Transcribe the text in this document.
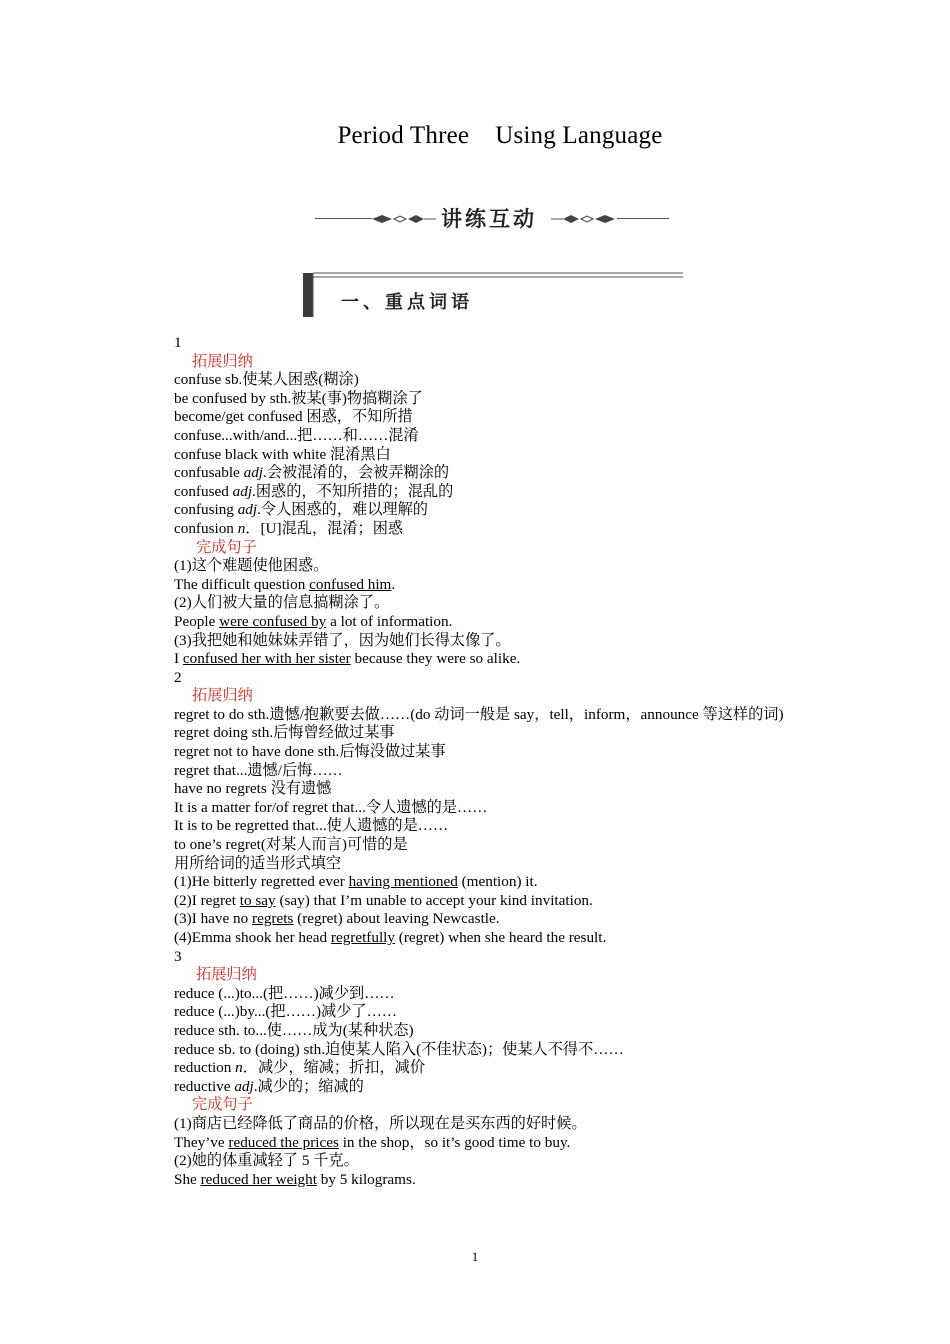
Period Three Using Language
讲练互动
一、重点词语
1
拓展归纳
confuse sb.使某人困惑(糊涂)
be confused by sth.被某(事)物搞糊涂了
become/get confused 困惑，不知所措
confuse...with/and...把……和……混淆
confuse black with white 混淆黑白
confusable adj.会被混淆的，会被弄糊涂的
confused adj.困惑的，不知所措的；混乱的
confusing adj.令人困惑的，难以理解的
confusion n．[U]混乱，混淆；困惑
完成句子
(1)这个难题使他困惑。
The difficult question confused him.
(2)人们被大量的信息搞糊涂了。
People were confused by a lot of information.
(3)我把她和她妹妹弄错了，因为她们长得太像了。
I confused her with her sister because they were so alike.
2
拓展归纳
regret to do sth.遗憾/抱歉要去做……(do 动词一般是 say，tell，inform，announce 等这样的词)
regret doing sth.后悔曾经做过某事
regret not to have done sth.后悔没做过某事
regret that...遗憾/后悔……
have no regrets 没有遗憾
It is a matter for/of regret that...令人遗憾的是……
It is to be regretted that...使人遗憾的是……
to one’s regret(对某人而言)可惜的是
用所给词的适当形式填空
(1)He bitterly regretted ever having mentioned (mention) it.
(2)I regret to say (say) that I’m unable to accept your kind invitation.
(3)I have no regrets (regret) about leaving Newcastle.
(4)Emma shook her head regretfully (regret) when she heard the result.
3
拓展归纳
reduce (...)to...(把……)减少到……
reduce (...)by...(把……)减少了……
reduce sth. to...使……成为(某种状态)
reduce sb. to (doing) sth.迫使某人陷入(不佳状态)；使某人不得不……
reduction n．减少，缩减；折扣，减价
reductive adj.减少的；缩减的
完成句子
(1)商店已经降低了商品的价格，所以现在是买东西的好时候。
They’ve reduced the prices in the shop，so it’s good time to buy.
(2)她的体重减轻了 5 千克。
She reduced her weight by 5 kilograms.
1
